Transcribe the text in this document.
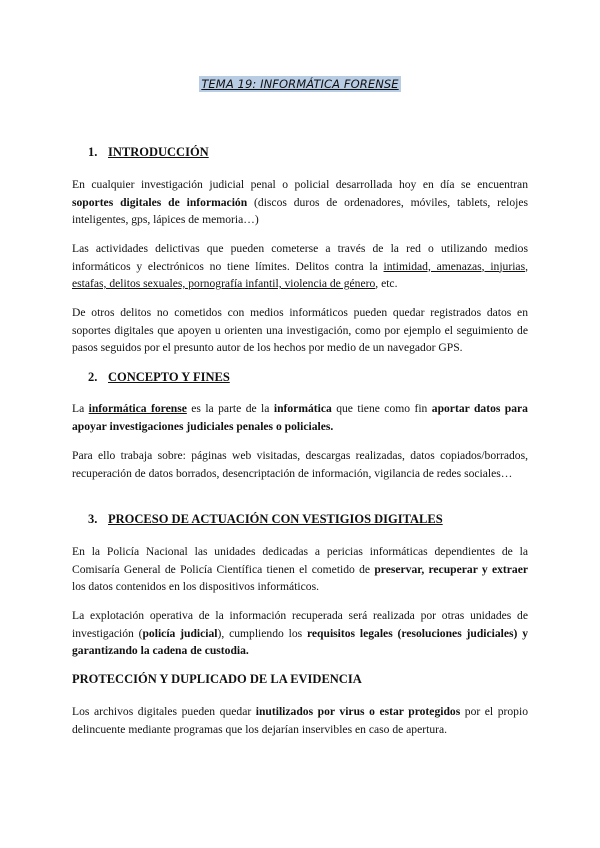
TEMA 19: INFORMÁTICA FORENSE
1. INTRODUCCIÓN
En cualquier investigación judicial penal o policial desarrollada hoy en día se encuentran soportes digitales de información (discos duros de ordenadores, móviles, tablets, relojes inteligentes, gps, lápices de memoria…)
Las actividades delictivas que pueden cometerse a través de la red o utilizando medios informáticos y electrónicos no tiene límites. Delitos contra la intimidad, amenazas, injurias, estafas, delitos sexuales, pornografía infantil, violencia de género, etc.
De otros delitos no cometidos con medios informáticos pueden quedar registrados datos en soportes digitales que apoyen u orienten una investigación, como por ejemplo el seguimiento de pasos seguidos por el presunto autor de los hechos por medio de un navegador GPS.
2. CONCEPTO Y FINES
La informática forense es la parte de la informática que tiene como fin aportar datos para apoyar investigaciones judiciales penales o policiales.
Para ello trabaja sobre: páginas web visitadas, descargas realizadas, datos copiados/borrados, recuperación de datos borrados, desencriptación de información, vigilancia de redes sociales…
3. PROCESO DE ACTUACIÓN CON VESTIGIOS DIGITALES
En la Policía Nacional las unidades dedicadas a pericias informáticas dependientes de la Comisaría General de Policía Científica tienen el cometido de preservar, recuperar y extraer los datos contenidos en los dispositivos informáticos.
La explotación operativa de la información recuperada será realizada por otras unidades de investigación (policía judicial), cumpliendo los requisitos legales (resoluciones judiciales) y garantizando la cadena de custodia.
PROTECCIÓN Y DUPLICADO DE LA EVIDENCIA
Los archivos digitales pueden quedar inutilizados por virus o estar protegidos por el propio delincuente mediante programas que los dejarían inservibles en caso de apertura.
